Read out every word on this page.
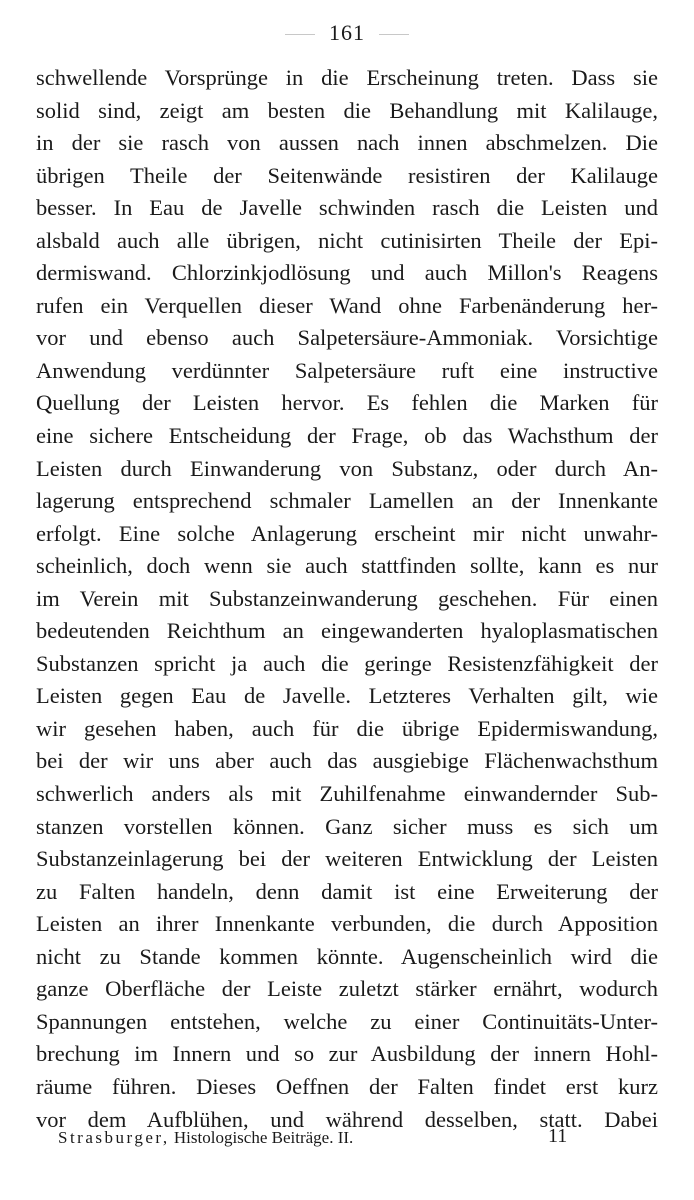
161
schwellende Vorsprünge in die Erscheinung treten. Dass sie
solid sind, zeigt am besten die Behandlung mit Kalilauge,
in der sie rasch von aussen nach innen abschmelzen. Die
übrigen Theile der Seitenwände resistiren der Kalilauge
besser. In Eau de Javelle schwinden rasch die Leisten und
alsbald auch alle übrigen, nicht cutinisirten Theile der Epi-
dermiswand. Chlorzinkjodlösung und auch Millon's Reagens
rufen ein Verquellen dieser Wand ohne Farbenänderung her-
vor und ebenso auch Salpetersäure-Ammoniak. Vorsichtige
Anwendung verdünnter Salpetersäure ruft eine instructive
Quellung der Leisten hervor. Es fehlen die Marken für
eine sichere Entscheidung der Frage, ob das Wachsthum der
Leisten durch Einwanderung von Substanz, oder durch An-
lagerung entsprechend schmaler Lamellen an der Innenkante
erfolgt. Eine solche Anlagerung erscheint mir nicht unwahr-
scheinlich, doch wenn sie auch stattfinden sollte, kann es nur
im Verein mit Substanzeinwanderung geschehen. Für einen
bedeutenden Reichthum an eingewanderten hyaloplasmatischen
Substanzen spricht ja auch die geringe Resistenzfähigkeit der
Leisten gegen Eau de Javelle. Letzteres Verhalten gilt, wie
wir gesehen haben, auch für die übrige Epidermiswandung,
bei der wir uns aber auch das ausgiebige Flächenwachsthum
schwerlich anders als mit Zuhilfenahme einwandernder Sub-
stanzen vorstellen können. Ganz sicher muss es sich um
Substanzeinlagerung bei der weiteren Entwicklung der Leisten
zu Falten handeln, denn damit ist eine Erweiterung der
Leisten an ihrer Innenkante verbunden, die durch Apposition
nicht zu Stande kommen könnte. Augenscheinlich wird die
ganze Oberfläche der Leiste zuletzt stärker ernährt, wodurch
Spannungen entstehen, welche zu einer Continuitäts-Unter-
brechung im Innern und so zur Ausbildung der innern Hohl-
räume führen. Dieses Oeffnen der Falten findet erst kurz
vor dem Aufblühen, und während desselben, statt. Dabei
Strasburger, Histologische Beiträge. II.	11
